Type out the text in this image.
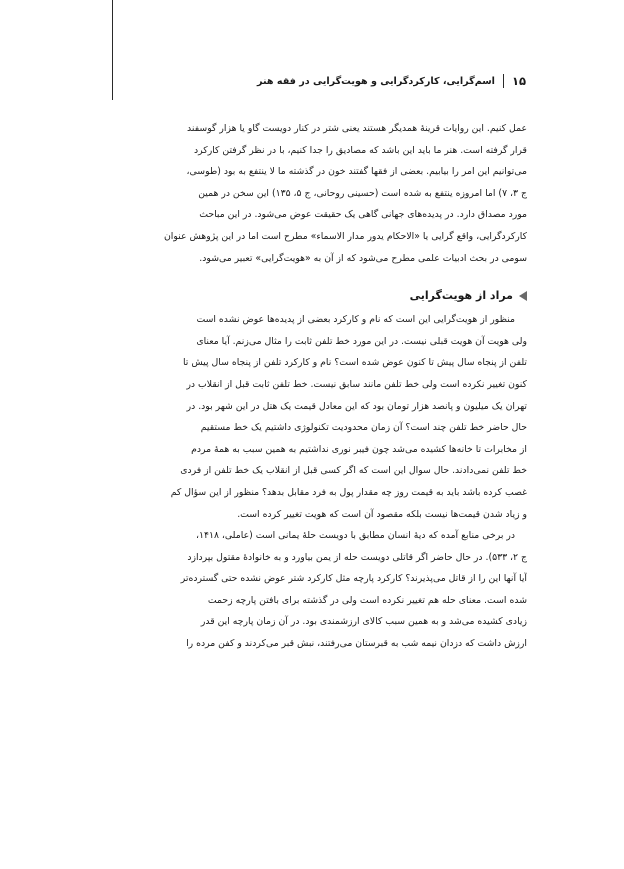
۱۵
اسم‌گرایی، کارکردگرایی و هویت‌گرایی در فقه هنر
عمل کنیم. این روایات قرینهٔ همدیگر هستند یعنی شتر در کنار دویست گاو یا هزار گوسفند
قرار گرفته است. هنر ما باید این باشد که مصادیق را جدا کنیم، با در نظر گرفتن کارکرد
می‌توانیم این امر را بیابیم. بعضی از فقها گفتند خون در گذشته ما لا ینتفع به بود (طوسی،
ج ۳، ۷) اما امروزه ینتفع به شده است (حسینی روحانی، ج ۵، ۱۳۵) این سخن در همین
مورد مصداق دارد. در پدیده‌های جهانی گاهی یک حقیقت عوض می‌شود. در این مباحث
کارکردگرایی، واقع گرایی یا «الاحکام یدور مدار الاسماء» مطرح است اما در این پژوهش عنوان
سومی در بحث ادبیات علمی مطرح می‌شود که از آن به «هویت‌گرایی» تعبیر می‌شود.
مراد از هویت‌گرایی
منظور از هویت‌گرایی این است که نام و کارکرد بعضی از پدیده‌ها عوض نشده است
ولی هویت آن هویت قبلی نیست. در این مورد خط تلفن ثابت را مثال می‌زنم. آیا معنای
تلفن از پنجاه سال پیش تا کنون عوض شده است؟ نام و کارکرد تلفن از پنجاه سال پیش تا
کنون تغییر نکرده است ولی خط تلفن مانند سابق نیست. خط تلفن ثابت قبل از انقلاب در
تهران یک میلیون و پانصد هزار تومان بود که این معادل قیمت یک هتل در این شهر بود. در
حال حاضر خط تلفن چند است؟ آن زمان محدودیت تکنولوژی داشتیم یک خط مستقیم
از مخابرات تا خانه‌ها کشیده می‌شد چون فیبر نوری نداشتیم به همین سبب به همهٔ مردم
خط تلفن نمی‌دادند. حال سوال این است که اگر کسی قبل از انقلاب یک خط تلفن از فردی
غصب کرده باشد باید به قیمت روز چه مقدار پول به فرد مقابل بدهد؟ منظور از این سؤال کم
و زیاد شدن قیمت‌ها نیست بلکه مقصود آن است که هویت تغییر کرده است.
در برخی منابع آمده که دیهٔ انسان مطابق با دویست حلهٔ یمانی است (عاملی، ۱۴۱۸،
ج ۲، ۵۳۳). در حال حاضر اگر قاتلی دویست حله از یمن بیاورد و به خانوادهٔ مقتول بپردازد
آیا آنها این را از قاتل می‌پذیرند؟ کارکرد پارچه مثل کارکرد شتر عوض نشده حتی گسترده‌تر
شده است. معنای حله هم تغییر نکرده است ولی در گذشته برای بافتن پارچه زحمت
زیادی کشیده می‌شد و به همین سبب کالای ارزشمندی بود. در آن زمان پارچه این قدر
ارزش داشت که دزدان نیمه شب به قبرستان می‌رفتند، نبش قبر می‌کردند و کفن مرده را
